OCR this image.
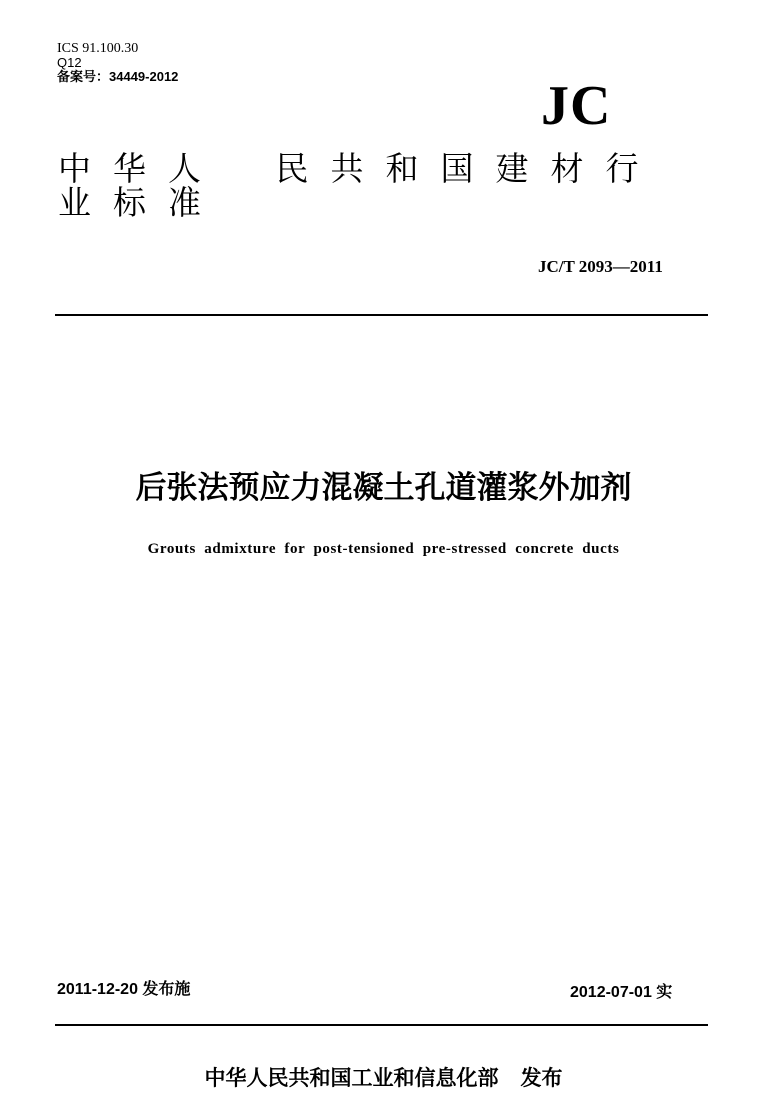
ICS 91.100.30
Q12
备案号：34449-2012	JC
中华人 民共和国建材行业标准
JC/T 2093—2011
后张法预应力混凝土孔道灌浆外加剂
Grouts admixture for post-tensioned pre-stressed concrete ducts
2011-12-20 发布施	2012-07-01 实
中华人民共和国工业和信息化部   发布
